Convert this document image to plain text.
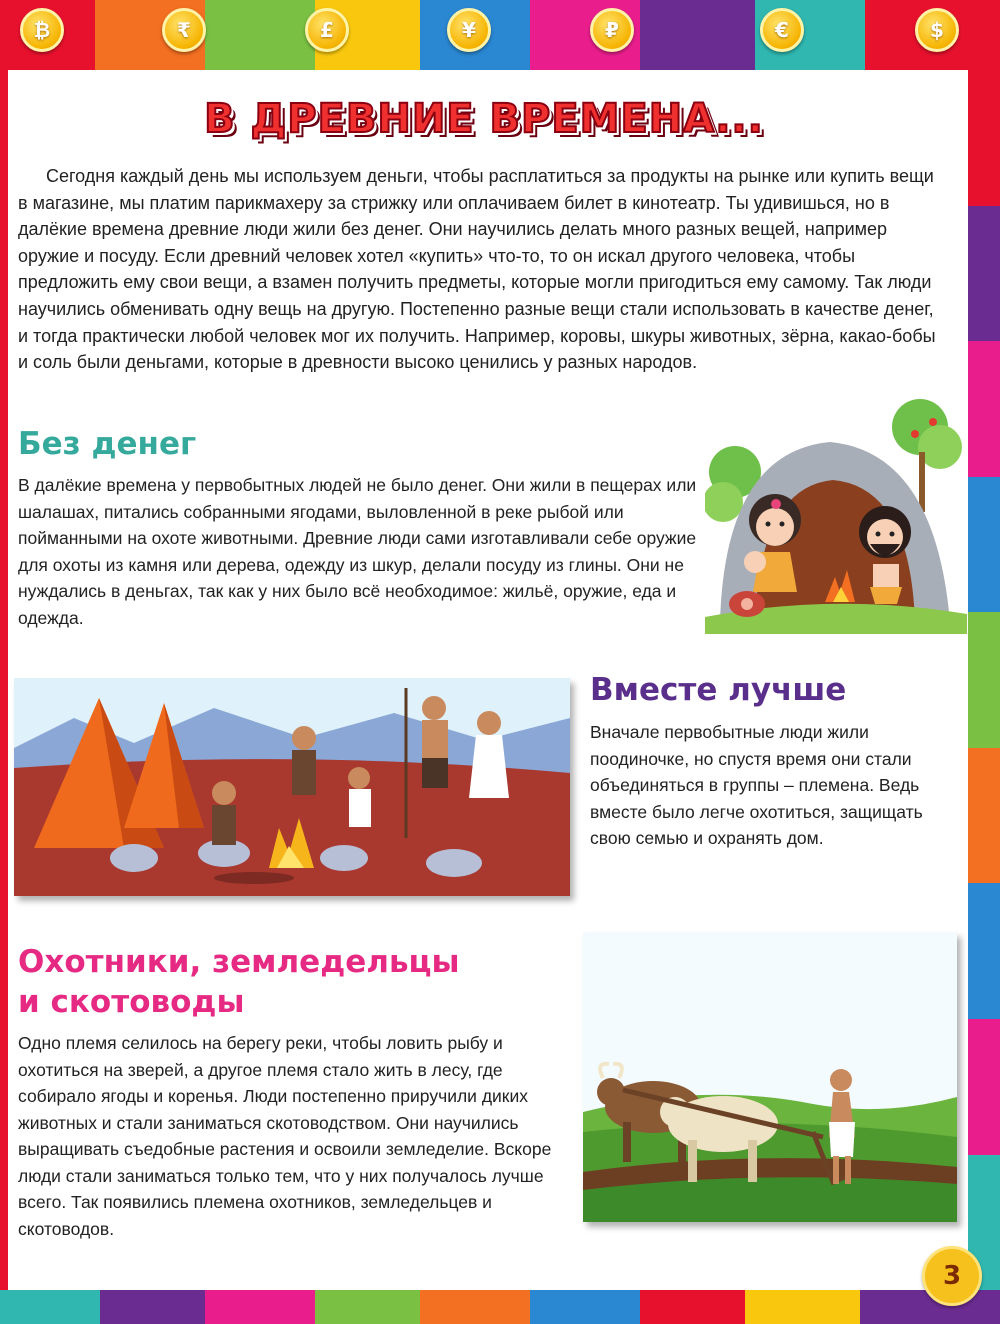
₿	₹	£	¥	₽	€	$
В ДРЕВНИЕ ВРЕМЕНА...

Сегодня каждый день мы используем деньги, чтобы расплатиться за продукты на рынке или купить вещи в магазине, мы платим парикмахеру за стрижку или оплачиваем билет в кинотеатр. Ты удивишься, но в далёкие времена древние люди жили без денег. Они научились делать много разных вещей, например оружие и посуду. Если древний человек хотел «купить» что-то, то он искал другого человека, чтобы предложить ему свои вещи, а взамен получить предметы, которые могли пригодиться ему самому. Так люди научились обменивать одну вещь на другую. Постепенно разные вещи стали использовать в качестве денег, и тогда практически любой человек мог их получить. Например, коровы, шкуры животных, зёрна, какао-бобы и соль были деньгами, которые в древности высоко ценились у разных народов.

Без денег

В далёкие времена у первобытных людей не было денег. Они жили в пещерах или шалашах, питались собранными ягодами, выловленной в реке рыбой или пойманными на охоте животными. Древние люди сами изготавливали себе оружие для охоты из камня или дерева, одежду из шкур, делали посуду из глины. Они не нуждались в деньгах, так как у них было всё необходимое: жильё, оружие, еда и одежда.

Вместе лучше

Вначале первобытные люди жили поодиночке, но спустя время они стали объединяться в группы – племена. Ведь вместе было легче охотиться, защищать свою семью и охранять дом.

Охотники, земледельцы
и скотоводы

Одно племя селилось на берегу реки, чтобы ловить рыбу и охотиться на зверей, а другое племя стало жить в лесу, где собирало ягоды и коренья. Люди постепенно приручили диких животных и стали заниматься скотоводством. Они научились выращивать съедобные растения и освоили земледелие. Вскоре люди стали заниматься только тем, что у них получалось лучше всего. Так появились племена охотников, земледельцев и скотоводов.

3
